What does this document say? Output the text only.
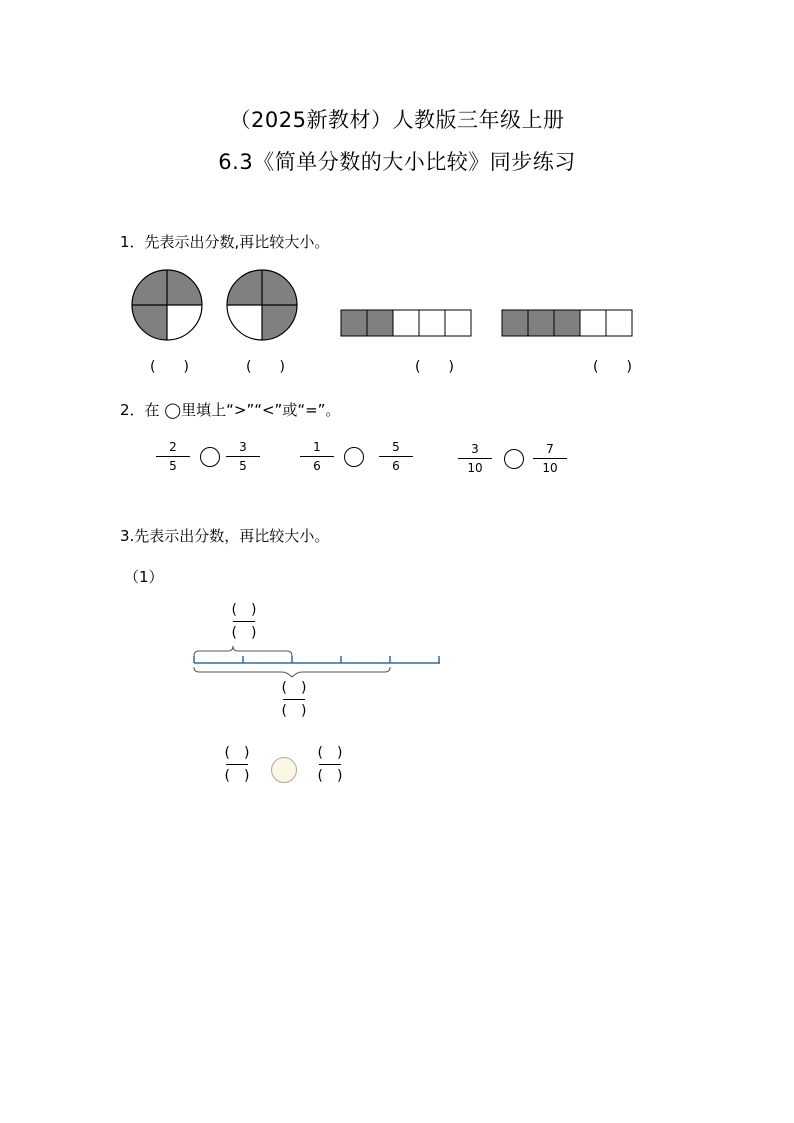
（2025新教材）人教版三年级上册
6.3《简单分数的大小比较》同步练习
1．先表示出分数,再比较大小。
(　　)	(　　)	(　　)	(　　)
2．在 ◯里填上“>”“<”或“=”。
2
5
3
5
1
6
5
6
3
10
7
10
3.先表示出分数，再比较大小。
（1）
(　)
(　)
(　)
(　)
(　)
(　)
(　)
(　)
